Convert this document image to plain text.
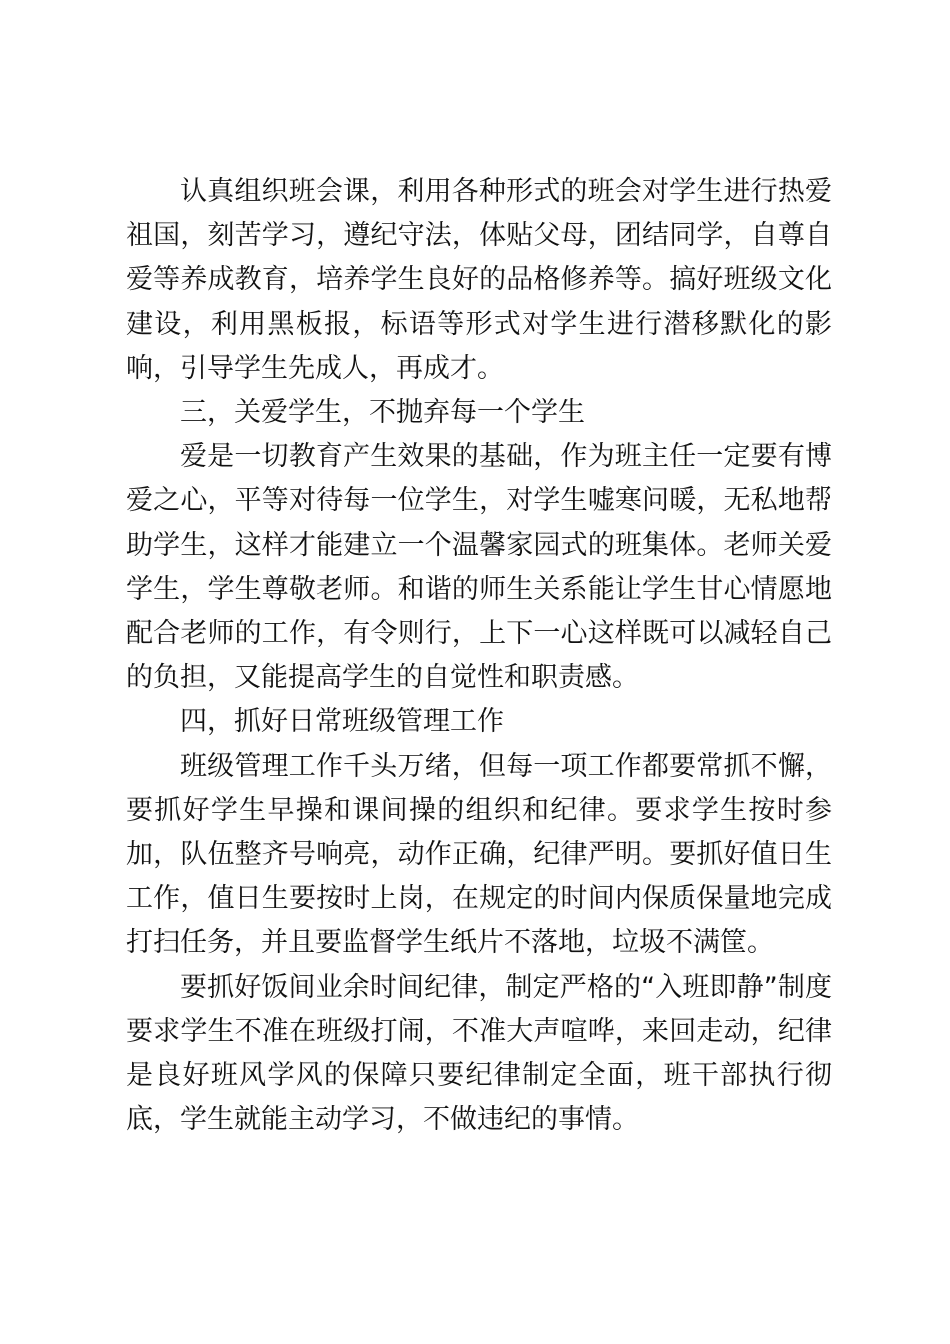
认真组织班会课，利用各种形式的班会对学生进行热爱祖国，刻苦学习，遵纪守法，体贴父母，团结同学，自尊自爱等养成教育，培养学生良好的品格修养等。搞好班级文化建设，利用黑板报，标语等形式对学生进行潜移默化的影响，引导学生先成人，再成才。

三，关爱学生，不抛弃每一个学生

爱是一切教育产生效果的基础，作为班主任一定要有博爱之心，平等对待每一位学生，对学生嘘寒问暖，无私地帮助学生，这样才能建立一个温馨家园式的班集体。老师关爱学生，学生尊敬老师。和谐的师生关系能让学生甘心情愿地配合老师的工作，有令则行，上下一心这样既可以减轻自己的负担，又能提高学生的自觉性和职责感。

四，抓好日常班级管理工作

班级管理工作千头万绪，但每一项工作都要常抓不懈，要抓好学生早操和课间操的组织和纪律。要求学生按时参加，队伍整齐号响亮，动作正确，纪律严明。要抓好值日生工作，值日生要按时上岗，在规定的时间内保质保量地完成打扫任务，并且要监督学生纸片不落地，垃圾不满筐。

要抓好饭间业余时间纪律，制定严格的“入班即静”制度要求学生不准在班级打闹，不准大声喧哗，来回走动，纪律是良好班风学风的保障只要纪律制定全面，班干部执行彻底，学生就能主动学习，不做违纪的事情。
